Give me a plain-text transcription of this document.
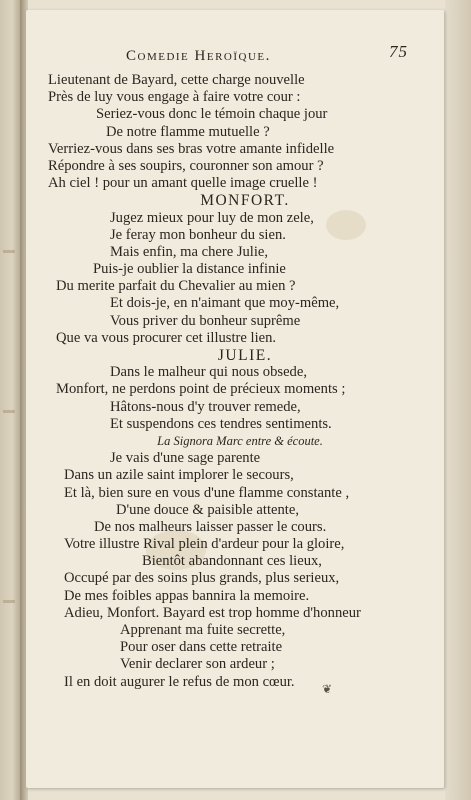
Comedie Heroïque.	75
Lieutenant de Bayard, cette charge nouvelle
Près de luy vous engage à faire votre cour :
Seriez-vous donc le témoin chaque jour
De notre flamme mutuelle ?
Verriez-vous dans ses bras votre amante infidelle
Répondre à ses soupirs, couronner son amour ?
Ah ciel ! pour un amant quelle image cruelle !
MONFORT.
Jugez mieux pour luy de mon zele,
Je feray mon bonheur du sien.
Mais enfin, ma chere Julie,
Puis-je oublier la distance infinie
Du merite parfait du Chevalier au mien ?
Et dois-je, en n'aimant que moy-même,
Vous priver du bonheur suprême
Que va vous procurer cet illustre lien.
JULIE.
Dans le malheur qui nous obsede,
Monfort, ne perdons point de précieux moments ;
Hâtons-nous d'y trouver remede,
Et suspendons ces tendres sentiments.
La Signora Marc entre & écoute.
Je vais d'une sage parente
Dans un azile saint implorer le secours,
Et là, bien sure en vous d'une flamme constante ,
D'une douce & paisible attente,
De nos malheurs laisser passer le cours.
Votre illustre Rival plein d'ardeur pour la gloire,
Bientôt abandonnant ces lieux,
Occupé par des soins plus grands, plus serieux,
De mes foibles appas bannira la memoire.
Adieu, Monfort. Bayard est trop homme d'honneur
Apprenant ma fuite secrette,
Pour oser dans cette retraite
Venir declarer son ardeur ;
Il en doit augurer le refus de mon cœur.	❦
